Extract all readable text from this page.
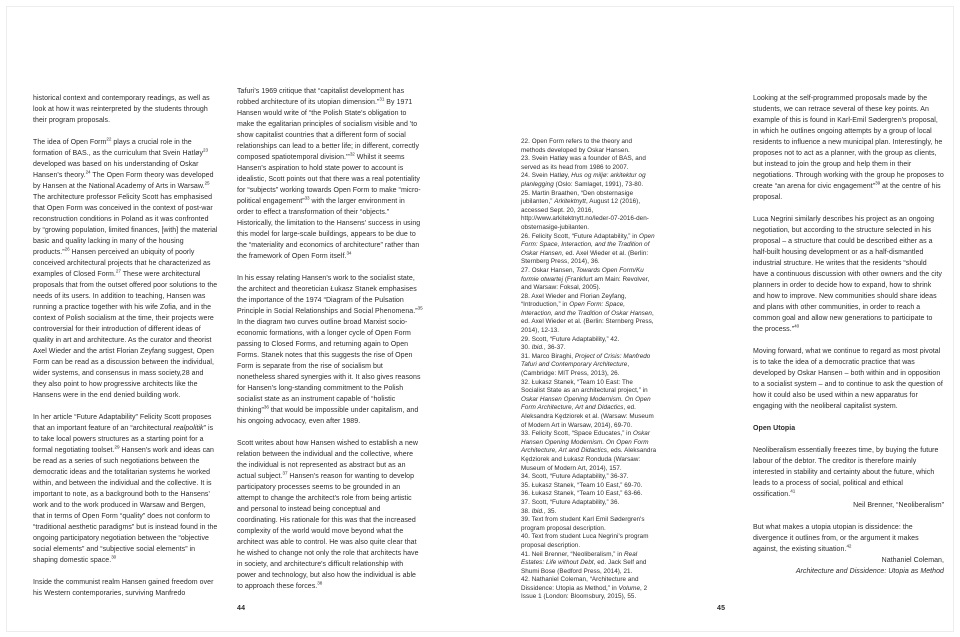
historical context and contemporary readings, as well as look at how it was reinterpreted by the students through their program proposals.

The idea of Open Form$^{22}$ plays a crucial role in the formation of BAS., as the curriculum that Svein Hatløy$^{23}$ developed was based on his understanding of Oskar Hansen's theory.$^{24}$ The Open Form theory was developed by Hansen at the National Academy of Arts in Warsaw.$^{25}$ The architecture professor Felicity Scott has emphasised that Open Form was conceived in the context of post-war reconstruction conditions in Poland as it was confronted by “growing population, limited finances, [with] the material basic and quality lacking in many of the housing products.”$^{26}$ Hansen perceived an ubiquity of poorly conceived architectural projects that he characterized as examples of Closed Form.$^{27}$ These were architectural proposals that from the outset offered poor solutions to the needs of its users. In addition to teaching, Hansen was running a practice together with his wife Zofia, and in the context of Polish socialism at the time, their projects were controversial for their introduction of different ideas of quality in art and architecture. As the curator and theorist Axel Wieder and the artist Florian Zeyfang suggest, Open Form can be read as a discussion between the individual, wider systems, and consensus in mass society,28 and they also point to how progressive architects like the Hansens were in the end denied building work.

In her article “Future Adaptability” Felicity Scott proposes that an important feature of an “architectural realpolitik” is to take local powers structures as a starting point for a formal negotiating toolset.$^{29}$ Hansen's work and ideas can be read as a series of such negotiations between the democratic ideas and the totalitarian systems he worked within, and between the individual and the collective. It is important to note, as a background both to the Hansens' work and to the work produced in Warsaw and Bergen, that in terms of Open Form “quality” does not conform to “traditional aesthetic paradigms” but is instead found in the ongoing participatory negotiation between the “objective social elements” and “subjective social elements” in shaping domestic space.$^{30}$

Inside the communist realm Hansen gained freedom over his Western contemporaries, surviving Manfredo

Tafuri's 1969 critique that “capitalist development has robbed architecture of its utopian dimension.”$^{31}$ By 1971 Hansen would write of “the Polish State's obligation to make the egalitarian principles of socialism visible and 'to show capitalist countries that a different form of social relationships can lead to a better life; in different, correctly composed spatiotemporal division.'”$^{32}$ Whilst it seems Hansen's aspiration to hold state power to account is idealistic, Scott points out that there was a real potentiality for “subjects” working towards Open Form to make “micro-political engagement”$^{33}$ with the larger environment in order to effect a transformation of their “objects.” Historically, the limitation to the Hansens' success in using this model for large-scale buildings, appears to be due to the “materiality and economics of architecture” rather than the framework of Open Form itself.$^{34}$

In his essay relating Hansen's work to the socialist state, the architect and theoretician Łukasz Stanek emphasises the importance of the 1974 “Diagram of the Pulsation Principle in Social Relationships and Social Phenomena.”$^{35}$ In the diagram two curves outline broad Marxist socio-economic formations, with a longer cycle of Open Form passing to Closed Forms, and returning again to Open Forms. Stanek notes that this suggests the rise of Open Form is separate from the rise of socialism but nonetheless shared synergies with it. It also gives reasons for Hansen's long-standing commitment to the Polish socialist state as an instrument capable of “holistic thinking”$^{36}$ that would be impossible under capitalism, and his ongoing advocacy, even after 1989.

Scott writes about how Hansen wished to establish a new relation between the individual and the collective, where the individual is not represented as abstract but as an actual subject.$^{37}$ Hansen's reason for wanting to develop participatory processes seems to be grounded in an attempt to change the architect's role from being artistic and personal to instead being conceptual and coordinating. His rationale for this was that the increased complexity of the world would move beyond what the architect was able to control. He was also quite clear that he wished to change not only the role that architects have in society, and architecture's difficult relationship with power and technology, but also how the individual is able to approach these forces.$^{38}$

22. Open Form refers to the theory and methods developed by Oskar Hansen.

23. Svein Hatløy was a founder of BAS, and served as its head from 1986 to 2007.

24. Svein Hatløy, Hus og miljø: arkitektur og planlegging (Oslo: Samlaget, 1991), 73-80.

25. Martin Braathen, “Den obsternasige jubilanten,” Arkitektnytt, August 12 (2016), accessed Sept. 20, 2016, http://www.arkitektnytt.no/leder-07-2016-den-obsternasige-jubilanten.

26. Felicity Scott, “Future Adaptability,” in Open Form: Space, Interaction, and the Tradition of Oskar Hansen, ed. Axel Wieder et al. (Berlin: Sternberg Press, 2014), 36.

27. Oskar Hansen, Towards Open Form/Ku formie otwartej (Frankfurt am Main: Revolver, and Warsaw: Foksal, 2005).

28. Axel Wieder and Florian Zeyfang, “Introduction,” in Open Form: Space, Interaction, and the Tradition of Oskar Hansen, ed. Axel Wieder et al. (Berlin: Sternberg Press, 2014), 12-13.

29. Scott, “Future Adaptability,” 42.

30. Ibid., 36-37.

31. Marco Biraghi, Project of Crisis: Manfredo Tafuri and Contemporary Architecture, (Cambridge: MIT Press, 2013), 26.

32. Łukasz Stanek, “Team 10 East: The Socialist State as an architectural project,” in Oskar Hansen Opening Modernism. On Open Form Architecture, Art and Didactics, ed. Aleksandra Kędziorek et al. (Warsaw: Museum of Modern Art in Warsaw, 2014), 69-70.

33. Felicity Scott, “Space Educates,” in Oskar Hansen Opening Modernism. On Open Form Architecture, Art and Didactics, eds. Aleksandra Kędziorek and Łukasz Ronduda (Warsaw: Museum of Modern Art, 2014), 157.

34. Scott, “Future Adaptability,” 36-37.

35. Łukasz Stanek, “Team 10 East,” 69-70.

36. Łukasz Stanek, “Team 10 East,” 63-66.

37. Scott, “Future Adaptability,” 36.

38. Ibid., 35.

39. Text from student Karl Emil Sødergren's program proposal description.

40. Text from student Luca Negrini's program proposal description.

41. Neil Brenner, “Neoliberalism,” in Real Estates: Life without Debt, ed. Jack Self and Shumi Bose (Bedford Press, 2014), 21.

42. Nathaniel Coleman, “Architecture and Dissidence: Utopia as Method,” in Volume, 2 Issue 1 (London: Bloomsbury, 2015), 55.

Looking at the self-programmed proposals made by the students, we can retrace several of these key points. An example of this is found in Karl-Emil Sødergren's proposal, in which he outlines ongoing attempts by a group of local residents to influence a new municipal plan. Interestingly, he proposes not to act as a planner, with the group as clients, but instead to join the group and help them in their negotiations. Through working with the group he proposes to create “an arena for civic engagement”$^{39}$ at the centre of his proposal.

Luca Negrini similarly describes his project as an ongoing negotiation, but according to the structure selected in his proposal – a structure that could be described either as a half-built housing development or as a half-dismantled industrial structure. He writes that the residents “should have a continuous discussion with other owners and the city planners in order to decide how to expand, how to shrink and how to improve. New communities should share ideas and plans with other communities, in order to reach a common goal and allow new generations to participate to the process.”$^{40}$

Moving forward, what we continue to regard as most pivotal is to take the idea of a democratic practice that was developed by Oskar Hansen – both within and in opposition to a socialist system – and to continue to ask the question of how it could also be used within a new apparatus for engaging with the neoliberal capitalist system.

Open Utopia

Neoliberalism essentially freezes time, by buying the future labour of the debtor. The creditor is therefore mainly interested in stability and certainty about the future, which leads to a process of social, political and ethical ossification.$^{41}$

Neil Brenner, “Neoliberalism”

But what makes a utopia utopian is dissidence: the divergence it outlines from, or the argument it makes against, the existing situation.$^{42}$

Nathaniel Coleman,

Architecture and Dissidence: Utopia as Method

44	45
